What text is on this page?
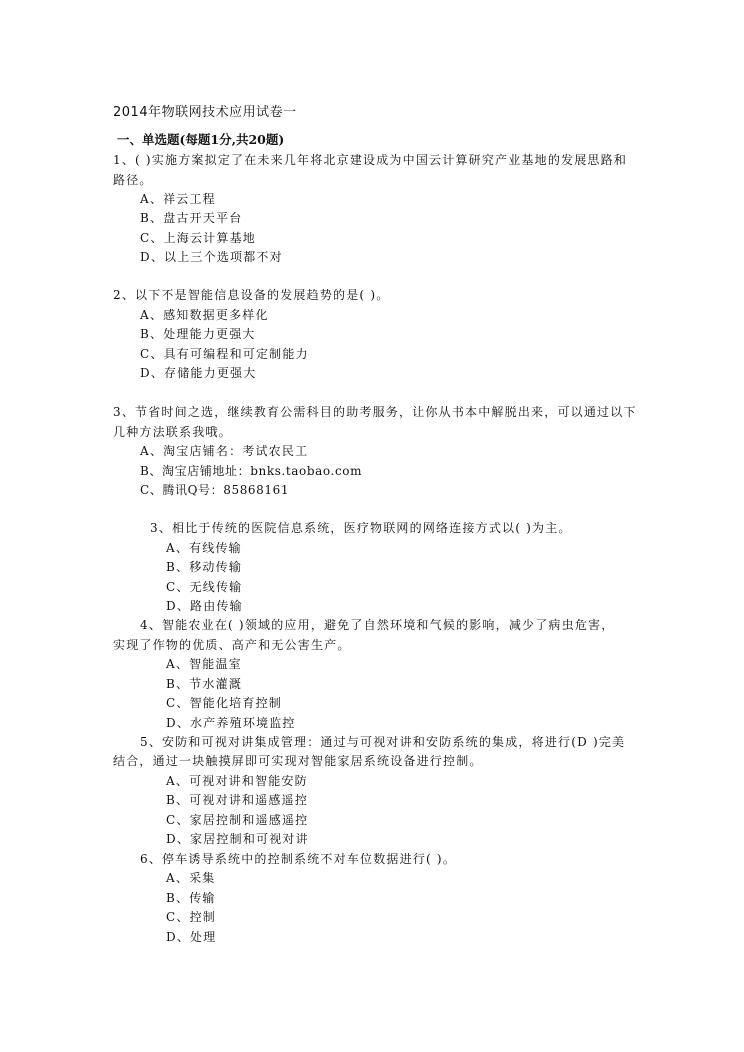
2014年物联网技术应用试卷一
一、单选题(每题1分,共20题)
1、( )实施方案拟定了在未来几年将北京建设成为中国云计算研究产业基地的发展思路和
路径。
A、祥云工程
B、盘古开天平台
C、上海云计算基地
D、以上三个选项都不对
2、以下不是智能信息设备的发展趋势的是( )。
A、感知数据更多样化
B、处理能力更强大
C、具有可编程和可定制能力
D、存储能力更强大
3、节省时间之选，继续教育公需科目的助考服务，让你从书本中解脱出来，可以通过以下
几种方法联系我哦。
A、淘宝店铺名：考试农民工
B、淘宝店铺地址：bnks.taobao.com
C、腾讯Q号：85868161
3、相比于传统的医院信息系统，医疗物联网的网络连接方式以( )为主。
A、有线传输
B、移动传输
C、无线传输
D、路由传输
4、智能农业在( )领域的应用，避免了自然环境和气候的影响，减少了病虫危害，
实现了作物的优质、高产和无公害生产。
A、智能温室
B、节水灌溉
C、智能化培育控制
D、水产养殖环境监控
5、安防和可视对讲集成管理：通过与可视对讲和安防系统的集成，将进行(D )完美
结合，通过一块触摸屏即可实现对智能家居系统设备进行控制。
A、可视对讲和智能安防
B、可视对讲和遥感遥控
C、家居控制和遥感遥控
D、家居控制和可视对讲
6、停车诱导系统中的控制系统不对车位数据进行( )。
A、采集
B、传输
C、控制
D、处理
